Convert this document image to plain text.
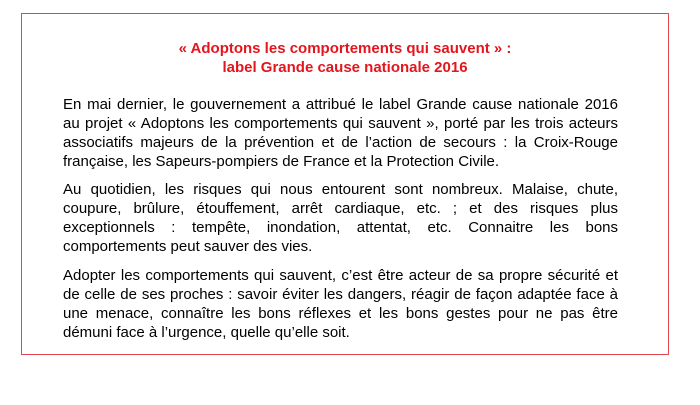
« Adoptons les comportements qui sauvent » :
label Grande cause nationale 2016
En mai dernier, le gouvernement a attribué le label Grande cause nationale 2016 au projet « Adoptons les comportements qui sauvent », porté par les trois acteurs associatifs majeurs de la prévention et de l’action de secours : la Croix-Rouge française, les Sapeurs-pompiers de France et la Protection Civile.
Au quotidien, les risques qui nous entourent sont nombreux. Malaise, chute, coupure, brûlure, étouffement, arrêt cardiaque, etc. ; et des risques plus exceptionnels : tempête, inondation, attentat, etc. Connaitre les bons comportements peut sauver des vies.
Adopter les comportements qui sauvent, c’est être acteur de sa propre sécurité et de celle de ses proches : savoir éviter les dangers, réagir de façon adaptée face à une menace, connaître les bons réflexes et les bons gestes pour ne pas être démuni face à l’urgence, quelle qu’elle soit.
